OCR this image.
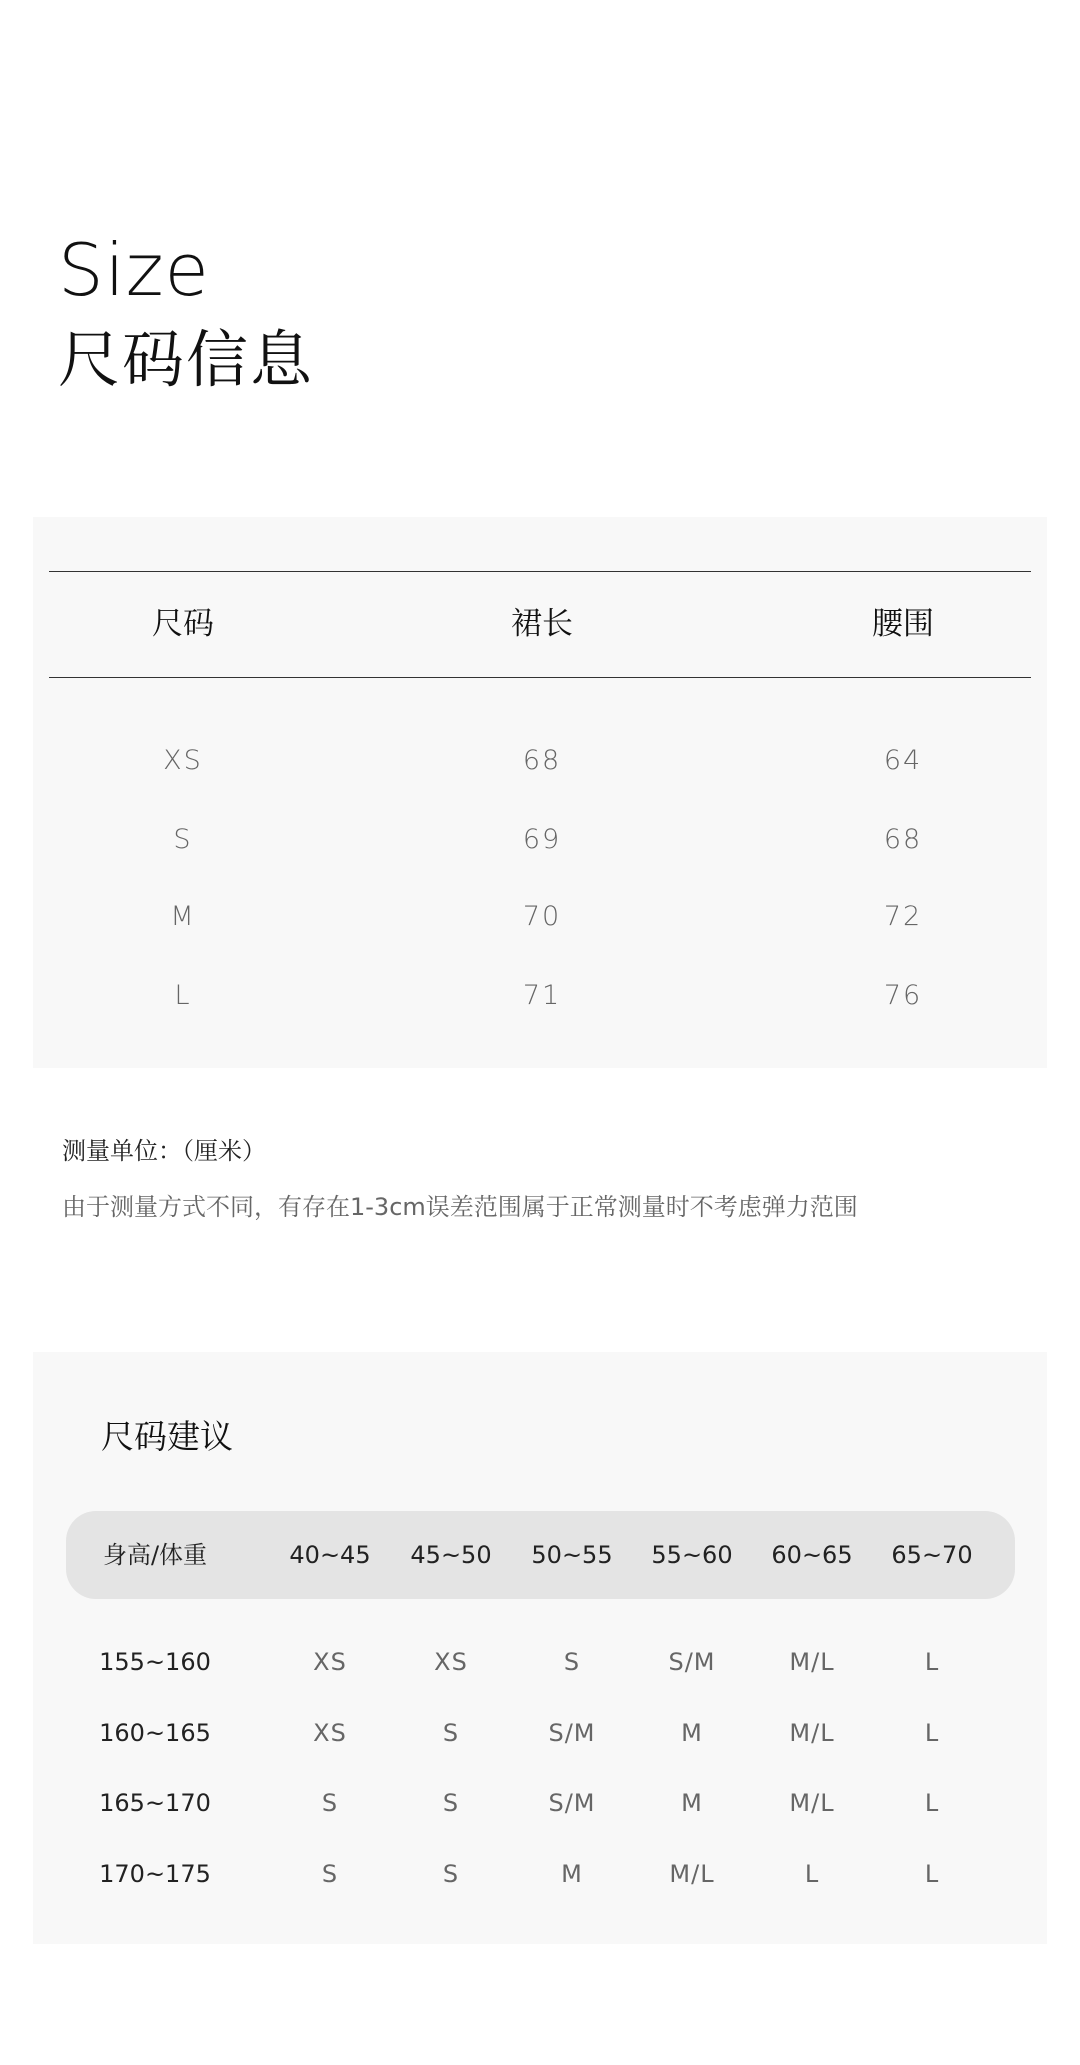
Size
尺码信息
尺码	裙长	腰围
XS	68	64
S	69	68
M	70	72
L	71	76
测量单位：（厘米）
由于测量方式不同，有存在1-3cm误差范围属于正常测量时不考虑弹力范围
尺码建议
身高/体重	40~45 45~50 50~55 55~60 60~65 65~70
155~160	XS	XS	S	S/M	M/L	L
160~165	XS	S	S/M	M	M/L	L
165~170	S	S	S/M	M	M/L	L
170~175	S	S	M	M/L	L	L
